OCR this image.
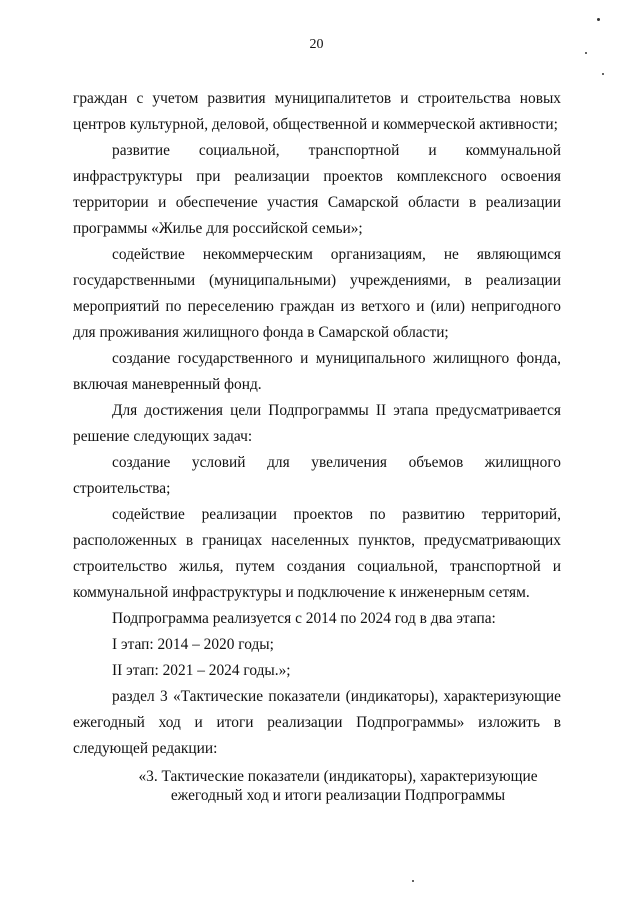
20

граждан с учетом развития муниципалитетов и строительства новых центров культурной, деловой, общественной и коммерческой активности;

развитие социальной, транспортной и коммунальной инфраструктуры при реализации проектов комплексного освоения территории и обеспечение участия Самарской области в реализации программы «Жилье для российской семьи»;

содействие некоммерческим организациям, не являющимся государственными (муниципальными) учреждениями, в реализации мероприятий по переселению граждан из ветхого и (или) непригодного для проживания жилищного фонда в Самарской области;

создание государственного и муниципального жилищного фонда, включая маневренный фонд.

Для достижения цели Подпрограммы II этапа предусматривается решение следующих задач:

создание условий для увеличения объемов жилищного строительства;

содействие реализации проектов по развитию территорий, расположенных в границах населенных пунктов, предусматривающих строительство жилья, путем создания социальной, транспортной и коммунальной инфраструктуры и подключение к инженерным сетям.

Подпрограмма реализуется с 2014 по 2024 год в два этапа:

I этап: 2014 – 2020 годы;

II этап: 2021 – 2024 годы.»;

раздел 3 «Тактические показатели (индикаторы), характеризующие ежегодный ход и итоги реализации Подпрограммы» изложить в следующей редакции:

«3. Тактические показатели (индикаторы), характеризующие
ежегодный ход и итоги реализации Подпрограммы
